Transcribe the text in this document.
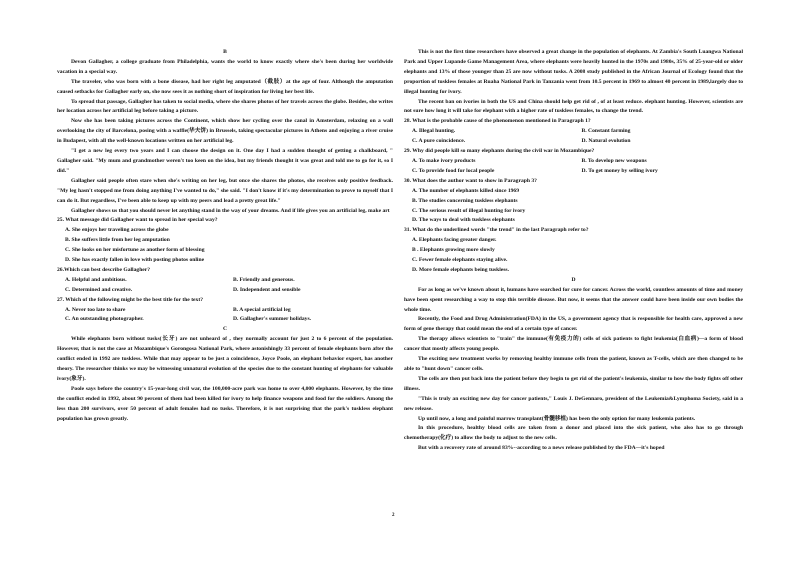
B

Devon Gallagher, a college graduate from Philadelphia, wants the world to know exactly where she's been during her worldwide vacation in a special way.

The traveler, who was born with a bone disease, had her right leg amputated（截肢）at the age of four. Although the amputation caused setbacks for Gallagher early on, she now sees it as nothing short of inspiration for living her best life.

To spread that passage, Gallagher has taken to social media, where she shares photos of her travels across the globe. Besides, she writes her location across her artificial leg before taking a picture.

Now she has been taking pictures across the Continent, which show her cycling over the canal in Amsterdam, relaxing on a wall overlooking the city of Barcelona, posing with a waffle(华夫饼) in Brussels, taking spectacular pictures in Athens and enjoying a river cruise in Budapest, with all the well-known locations written on her artificial leg.

"I get a new leg every two years and I can choose the design on it. One day I had a sudden thought of getting a chalkboard, " Gallagher said. "My mum and grandmother weren't too keen on the idea, but my friends thought it was great and told me to go for it, so I did."

Gallagher said people often stare when she's writing on her leg, but once she shares the photos, she receives only positive feedback. "My leg hasn't stopped me from doing anything I've wanted to do," she said. "I don't know if it's my determination to prove to myself that I can do it. But regardless, I've been able to keep up with my peers and lead a pretty great life."

Gallagher shows us that you should never let anything stand in the way of your dreams. And if life gives you an artificial leg, make art

25. What message did Gallagher want to spread in her special way?

A. She enjoys her traveling across the globe
B. She suffers little from her leg amputation
C. She looks on her misfortune as another form of blessing
D. She has exactly fallen in love with posting photos online

26.Which can best describe Gallagher?

A. Helpful and ambitious.	B. Friendly and generous.
C. Determined and creative.	D. Independent and sensible

27. Which of the following might be the best title for the text?

A. Never too late to share	B. A special artificial leg
C. An outstanding photographer.	D. Gallagher's summer holidays.

C

While elephants born without tusks(长牙) are not unheard of , they normally account for just 2 to 6 percent of the population. However, that is not the case at Mozambique's Gorongosa National Park, where astonishingly 33 percent of female elephants born after the conflict ended in 1992 are tuskless. While that may appear to be just a coincidence, Joyce Poole, an elephant behavior expert, has another theory. The researcher thinks we may be witnessing unnatural evolution of the species due to the constant hunting of elephants for valuable ivory(象牙).

Poole says before the country's 15-year-long civil war, the 100,000-acre park was home to over 4,000 elephants. However, by the time the conflict ended in 1992, about 90 percent of them had been killed for ivory to help finance weapons and food for the soldiers. Among the less than 200 survivors, over 50 percent of adult females had no tusks. Therefore, it is not surprising that the park's tuskless elephant population has grown greatly.

This is not the first time researchers have observed a great change in the population of elephants. At Zambia's South Luangwa National Park and Upper Lupande Game Management Area, where elephants were heavily hunted in the 1970s and 1980s, 35% of 25-year-old or older elephants and 13% of those younger than 25 are now without tusks. A 2008 study published in the African Journal of Ecology found that the proportion of tuskless females at Ruaha National Park in Tanzania went from 10.5 percent in 1969 to almost 40 percent in 1989,largely due to illegal hunting for ivory.

The recent ban on ivories in both the US and China should help get rid of , of at least reduce. elephant hunting. However, scientists are not sure how long it will take for elephant with a higher rate of tuskless females, to change the trend.

28. What is the probable cause of the phenomenon mentioned in Paragraph 1?

A. Illegal hunting.	B. Constant farming
C. A pure coincidence.	D. Natural evolution

29. Why did people kill so many elephants during the civil war in Mozambique?

A. To make ivory products	B. To develop new weapons
C. To provide food for local people	D. To get money by selling ivory

30. What does the author want to show in Paragraph 3?

A. The number of elephants killed since 1969
B. The studies concerning tuskless elephants
C. The serious result of illegal hunting for ivory
D. The ways to deal with tuskless elephants

31. What do the underlined words "the trend" in the last Paragraph refer to?

A. Elephants facing greater danger.
B . Elephants growing more slowly
C. Fewer female elephants staying alive.
D. More female elephants being tuskless.

D

For as long as we've known about it, humans have searched for cure for cancer. Across the world, countless amounts of time and money have been spent researching a way to stop this terrible disease. But now, it seems that the answer could have been inside our own bodies the whole time.

Recently, the Food and Drug Administration(FDA) in the US, a government agency that is responsible for health care, approved a new form of gene therapy that could mean the end of a certain type of cancer.

The therapy allows scientists to "train" the immune(有免疫力的) cells of sick patients to fight leukemia(白血病)—a form of blood cancer that mostly affects young people.

The exciting new treatment works by removing healthy immune cells from the patient, known as T-cells, which are then changed to be able to "hunt down" cancer cells.

The cells are then put back into the patient before they begin to get rid of the patient's leukemia, similar to how the body fights off other illness.

"This is truly an exciting new day for cancer patients," Louis J. DeGennaro, president of the Leukemia&Lymphoma Society, said in a new release.

Up until now, a long and painful marrow transplant(骨髓移植) has been the only option for many leukemia patients.

In this procedure, healthy blood cells are taken from a donor and placed into the sick patient, who also has to go through chemotherapy(化疗) to allow the body to adjust to the new cells.

But with a recovery rate of around 83%--according to a news release published by the FDA—it's hoped

2
